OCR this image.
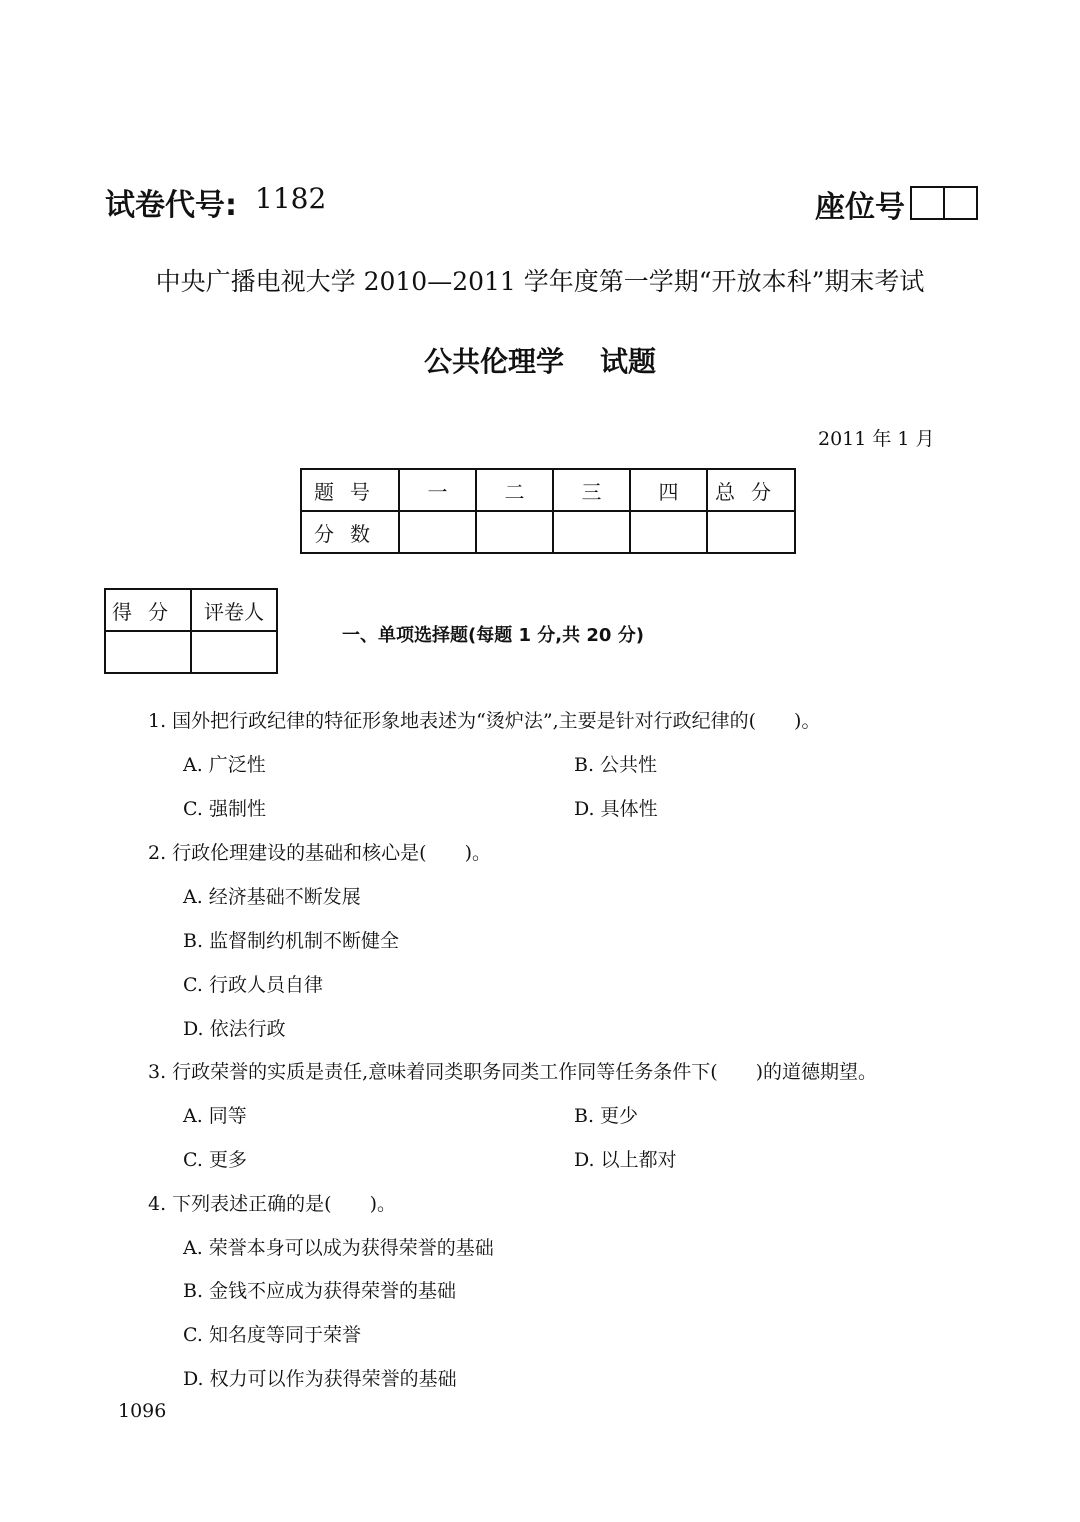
试卷代号: 1182	座位号
中央广播电视大学 2010—2011 学年度第一学期“开放本科”期末考试
公共伦理学 试题
2011 年 1 月
题号	一	二	三	四	总分
分数					
得分	评卷人

一、单项选择题(每题 1 分,共 20 分)
1. 国外把行政纪律的特征形象地表述为“烫炉法”,主要是针对行政纪律的(　　)。
A. 广泛性	B. 公共性
C. 强制性	D. 具体性
2. 行政伦理建设的基础和核心是(　　)。
A. 经济基础不断发展
B. 监督制约机制不断健全
C. 行政人员自律
D. 依法行政
3. 行政荣誉的实质是责任,意味着同类职务同类工作同等任务条件下(　　)的道德期望。
A. 同等	B. 更少
C. 更多	D. 以上都对
4. 下列表述正确的是(　　)。
A. 荣誉本身可以成为获得荣誉的基础
B. 金钱不应成为获得荣誉的基础
C. 知名度等同于荣誉
D. 权力可以作为获得荣誉的基础
1096
